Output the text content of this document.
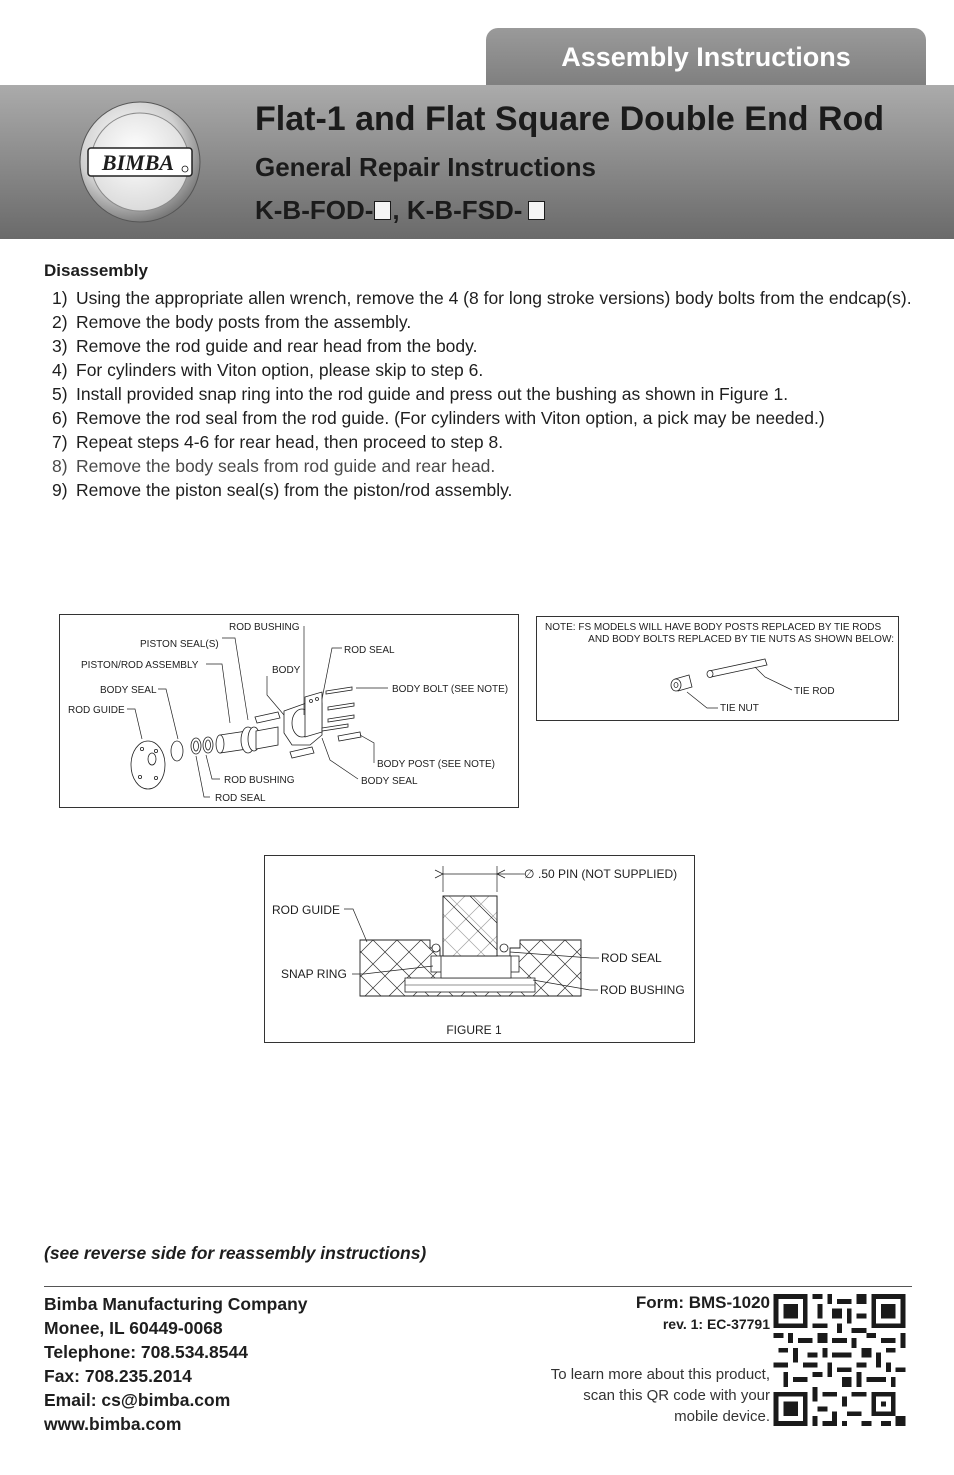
Assembly Instructions
BIMBA
Flat-1 and Flat Square Double End Rod
General Repair Instructions
K-B-FOD- , K-B-FSD-
Disassembly
1) Using the appropriate allen wrench, remove the 4 (8 for long stroke versions) body bolts from the endcap(s).
2) Remove the body posts from the assembly.
3) Remove the rod guide and rear head from the body.
4) For cylinders with Viton option, please skip to step 6.
5) Install provided snap ring into the rod guide and press out the bushing as shown in Figure 1.
6) Remove the rod seal from the rod guide. (For cylinders with Viton option, a pick may be needed.)
7) Repeat steps 4-6 for rear head, then proceed to step 8.
8) Remove the body seals from rod guide and rear head.
9) Remove the piston seal(s) from the piston/rod assembly.
ROD BUSHING
PISTON SEAL(S)
PISTON/ROD ASSEMBLY
BODY SEAL
ROD GUIDE
BODY
ROD SEAL
BODY BOLT (SEE NOTE)
BODY POST (SEE NOTE)
BODY SEAL
ROD BUSHING
ROD SEAL
NOTE: FS MODELS WILL HAVE BODY POSTS REPLACED BY TIE RODS
AND BODY BOLTS REPLACED BY TIE NUTS AS SHOWN BELOW:
TIE ROD
TIE NUT
∅ .50 PIN (NOT SUPPLIED)
ROD GUIDE
SNAP RING
ROD SEAL
ROD BUSHING
FIGURE 1
(see reverse side for reassembly instructions)
Bimba Manufacturing Company
Monee, IL 60449-0068
Telephone: 708.534.8544
Fax: 708.235.2014
Email: cs@bimba.com
www.bimba.com
Form: BMS-1020
rev. 1: EC-37791
To learn more about this product, scan this QR code with your mobile device.
